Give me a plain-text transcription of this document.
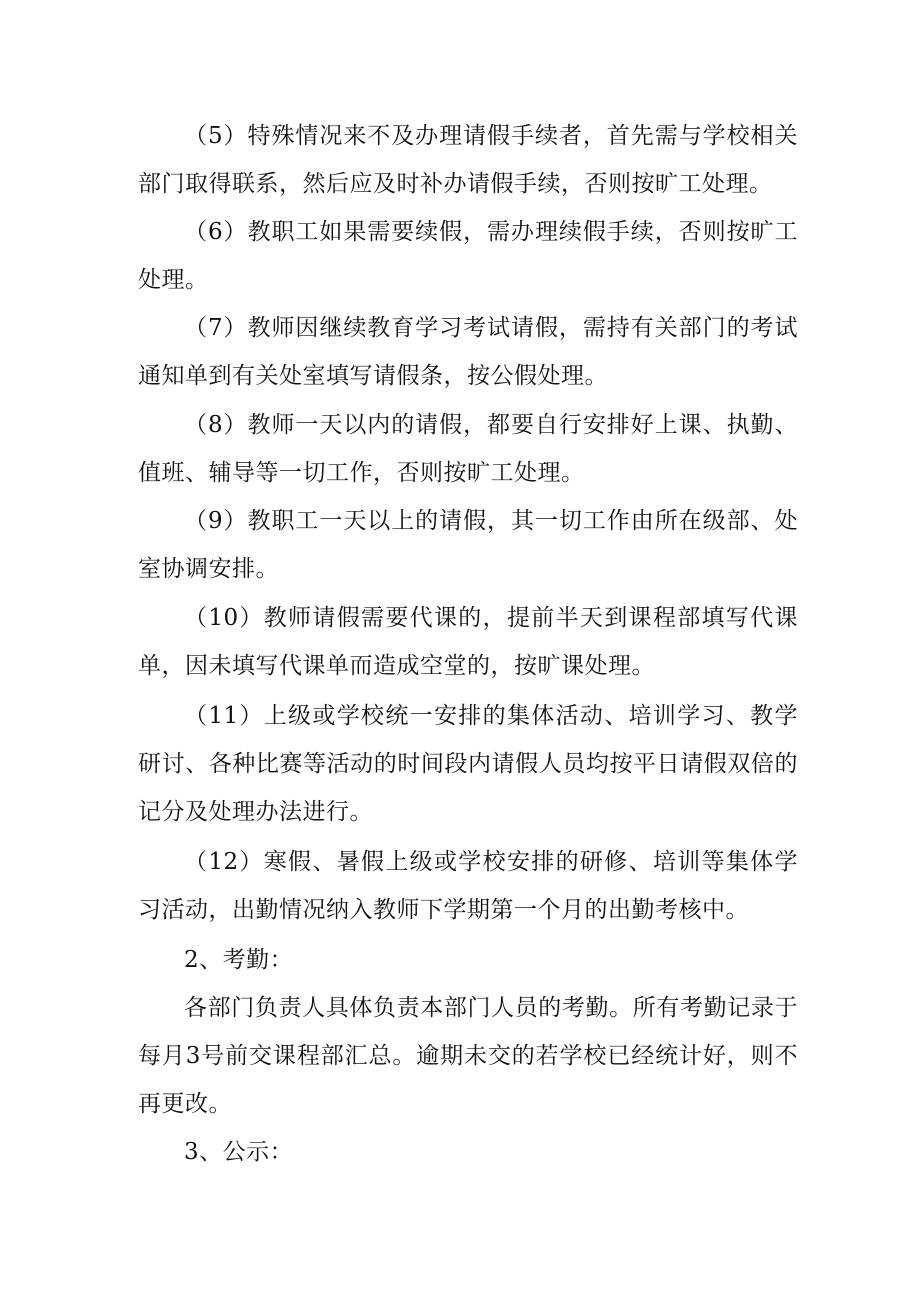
（5）特殊情况来不及办理请假手续者，首先需与学校相关部门取得联系，然后应及时补办请假手续，否则按旷工处理。

（6）教职工如果需要续假，需办理续假手续，否则按旷工处理。

（7）教师因继续教育学习考试请假，需持有关部门的考试通知单到有关处室填写请假条，按公假处理。

（8）教师一天以内的请假，都要自行安排好上课、执勤、值班、辅导等一切工作，否则按旷工处理。

（9）教职工一天以上的请假，其一切工作由所在级部、处室协调安排。

（10）教师请假需要代课的，提前半天到课程部填写代课单，因未填写代课单而造成空堂的，按旷课处理。

（11）上级或学校统一安排的集体活动、培训学习、教学研讨、各种比赛等活动的时间段内请假人员均按平日请假双倍的记分及处理办法进行。

（12）寒假、暑假上级或学校安排的研修、培训等集体学习活动，出勤情况纳入教师下学期第一个月的出勤考核中。

2、考勤：

各部门负责人具体负责本部门人员的考勤。所有考勤记录于每月3号前交课程部汇总。逾期未交的若学校已经统计好，则不再更改。

3、公示：
